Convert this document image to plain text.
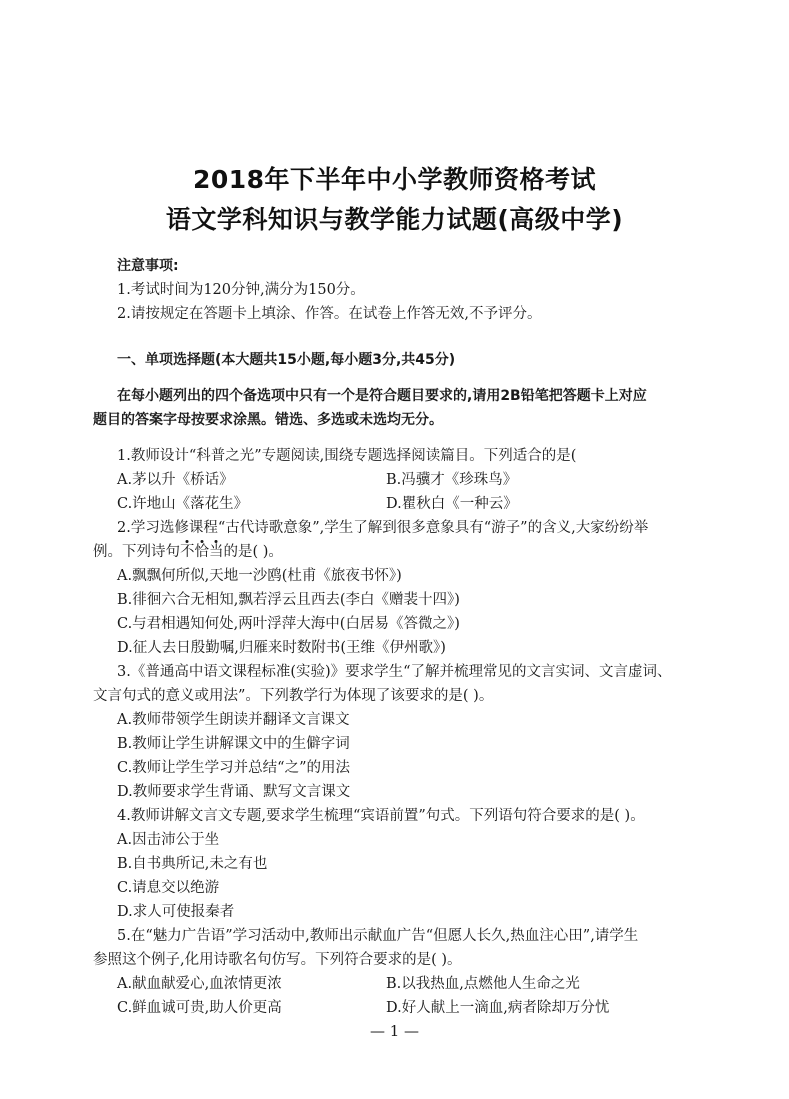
2018年下半年中小学教师资格考试
语文学科知识与教学能力试题(高级中学)
注意事项:
1.考试时间为120分钟,满分为150分。
2.请按规定在答题卡上填涂、作答。在试卷上作答无效,不予评分。
一、单项选择题(本大题共15小题,每小题3分,共45分)
在每小题列出的四个备选项中只有一个是符合题目要求的,请用2B铅笔把答题卡上对应
题目的答案字母按要求涂黑。错选、多选或未选均无分。
1.教师设计“科普之光”专题阅读,围绕专题选择阅读篇目。下列适合的是(
A.茅以升《桥话》	B.冯骥才《珍珠鸟》
C.许地山《落花生》	D.瞿秋白《一种云》
2.学习选修课程“古代诗歌意象”,学生了解到很多意象具有“游子”的含义,大家纷纷举
例。下列诗句不恰当的是( )。
A.飘飘何所似,天地一沙鸥(杜甫《旅夜书怀》)
B.徘徊六合无相知,飘若浮云且西去(李白《赠裴十四》)
C.与君相遇知何处,两叶浮萍大海中(白居易《答微之》)
D.征人去日殷勤嘱,归雁来时数附书(王维《伊州歌》)
3.《普通高中语文课程标准(实验)》要求学生“了解并梳理常见的文言实词、文言虚词、
文言句式的意义或用法”。下列教学行为体现了该要求的是( )。
A.教师带领学生朗读并翻译文言课文
B.教师让学生讲解课文中的生僻字词
C.教师让学生学习并总结“之”的用法
D.教师要求学生背诵、默写文言课文
4.教师讲解文言文专题,要求学生梳理“宾语前置”句式。下列语句符合要求的是( )。
A.因击沛公于坐
B.自书典所记,未之有也
C.请息交以绝游
D.求人可使报秦者
5.在“魅力广告语”学习活动中,教师出示献血广告“但愿人长久,热血注心田”,请学生
参照这个例子,化用诗歌名句仿写。下列符合要求的是( )。
A.献血献爱心,血浓情更浓	B.以我热血,点燃他人生命之光
C.鲜血诚可贵,助人价更高	D.好人献上一滴血,病者除却万分忧
— 1 —
